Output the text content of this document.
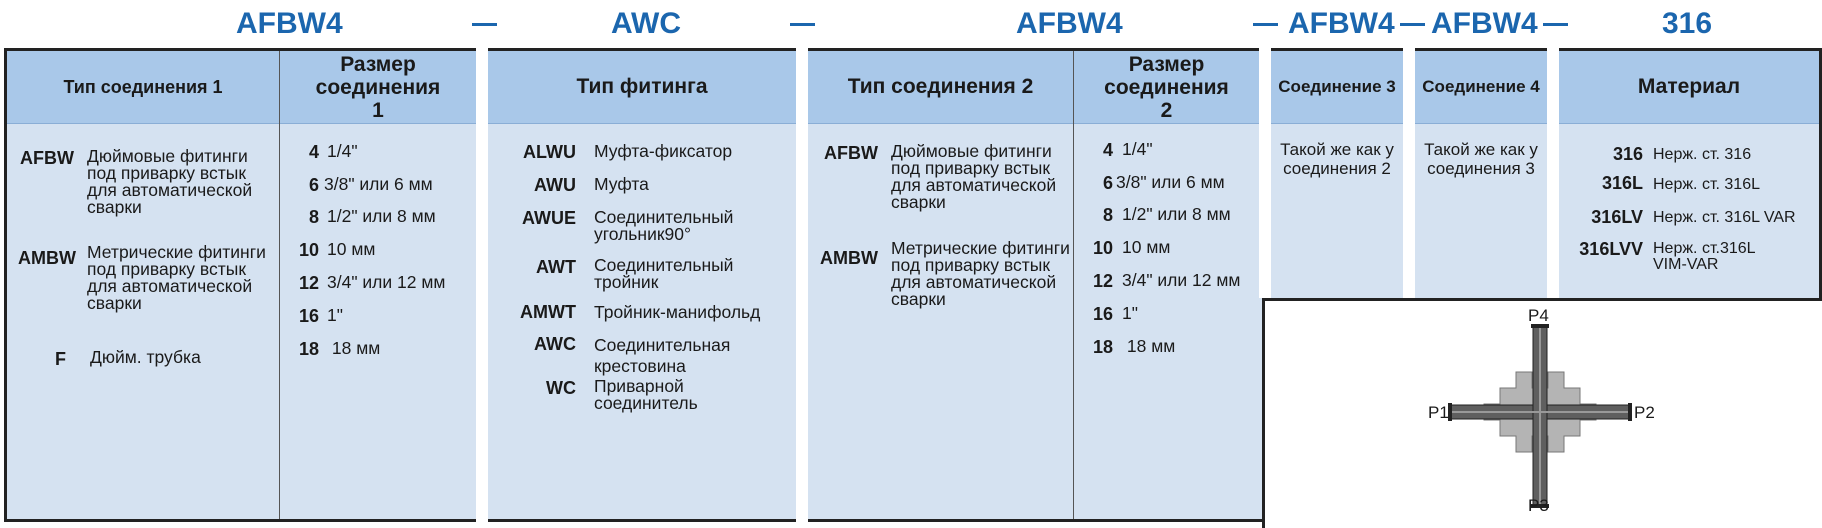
AFBW4	AWC	AFBW4	AFBW4 AFBW4	316
Тип соединения 1
Размер соединения 1
Тип фитинга	Тип соединения 2
Размер соединения 2
Соединение 3 Соединение 4	Материал
AFBW Дюймовые фитинги под приварку встык для автоматической сварки
AMBW Метрические фитинги под приварку встык для автоматической сварки
F Дюйм. трубка
4 1/4"
6 3/8" или 6 мм
8 1/2" или 8 мм
10 10 мм
12 3/4" или 12 мм
16 1"
18 18 мм
ALWU Муфта-фиксатор
AWU Муфта
AWUE Соединительный угольник90°
AWT Соединительный тройник
AMWT Тройник-манифольд
AWC Соединительная крестовина
WC Приварной соединитель
AFBW Дюймовые фитинги под приварку встык для автоматической сварки
AMBW Метрические фитинги под приварку встык для автоматической сварки
4 1/4"
6 3/8" или 6 мм
8 1/2" или 8 мм
10 10 мм
12 3/4" или 12 мм
16 1"
18 18 мм
Такой же как у соединения 2
Такой же как у соединения 3
316 Нерж. ст. 316
316L Нерж. ст. 316L
316LV Нерж. ст. 316L VAR
316LVV Нерж. ст.316L VIM-VAR
P1	P2
P3
P4
